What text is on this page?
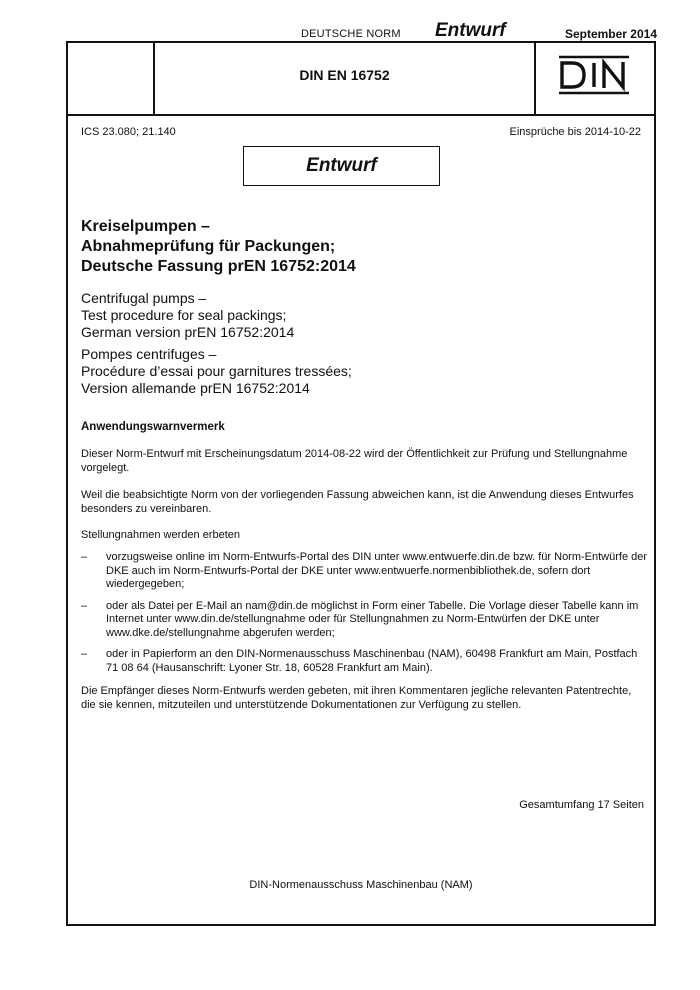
DEUTSCHE NORM Entwurf	September 2014
DIN EN 16752
ICS 23.080; 21.140	Einsprüche bis 2014-10-22
Entwurf
Kreiselpumpen –
Abnahmeprüfung für Packungen;
Deutsche Fassung prEN 16752:2014
Centrifugal pumps –
Test procedure for seal packings;
German version prEN 16752:2014
Pompes centrifuges –
Procédure d’essai pour garnitures tressées;
Version allemande prEN 16752:2014
Anwendungswarnvermerk
Dieser Norm-Entwurf mit Erscheinungsdatum 2014-08-22 wird der Öffentlichkeit zur Prüfung und Stellungnahme vorgelegt.
Weil die beabsichtigte Norm von der vorliegenden Fassung abweichen kann, ist die Anwendung dieses Entwurfes besonders zu vereinbaren.
Stellungnahmen werden erbeten
– vorzugsweise online im Norm-Entwurfs-Portal des DIN unter www.entwuerfe.din.de bzw. für Norm-Entwürfe der DKE auch im Norm-Entwurfs-Portal der DKE unter www.entwuerfe.normenbibliothek.de, sofern dort wiedergegeben;
– oder als Datei per E-Mail an nam@din.de möglichst in Form einer Tabelle. Die Vorlage dieser Tabelle kann im Internet unter www.din.de/stellungnahme oder für Stellungnahmen zu Norm-Entwürfen der DKE unter www.dke.de/stellungnahme abgerufen werden;
– oder in Papierform an den DIN-Normenausschuss Maschinenbau (NAM), 60498 Frankfurt am Main, Postfach 71 08 64 (Hausanschrift: Lyoner Str. 18, 60528 Frankfurt am Main).
Die Empfänger dieses Norm-Entwurfs werden gebeten, mit ihren Kommentaren jegliche relevanten Patentrechte, die sie kennen, mitzuteilen und unterstützende Dokumentationen zur Verfügung zu stellen.
Gesamtumfang 17 Seiten
DIN-Normenausschuss Maschinenbau (NAM)
